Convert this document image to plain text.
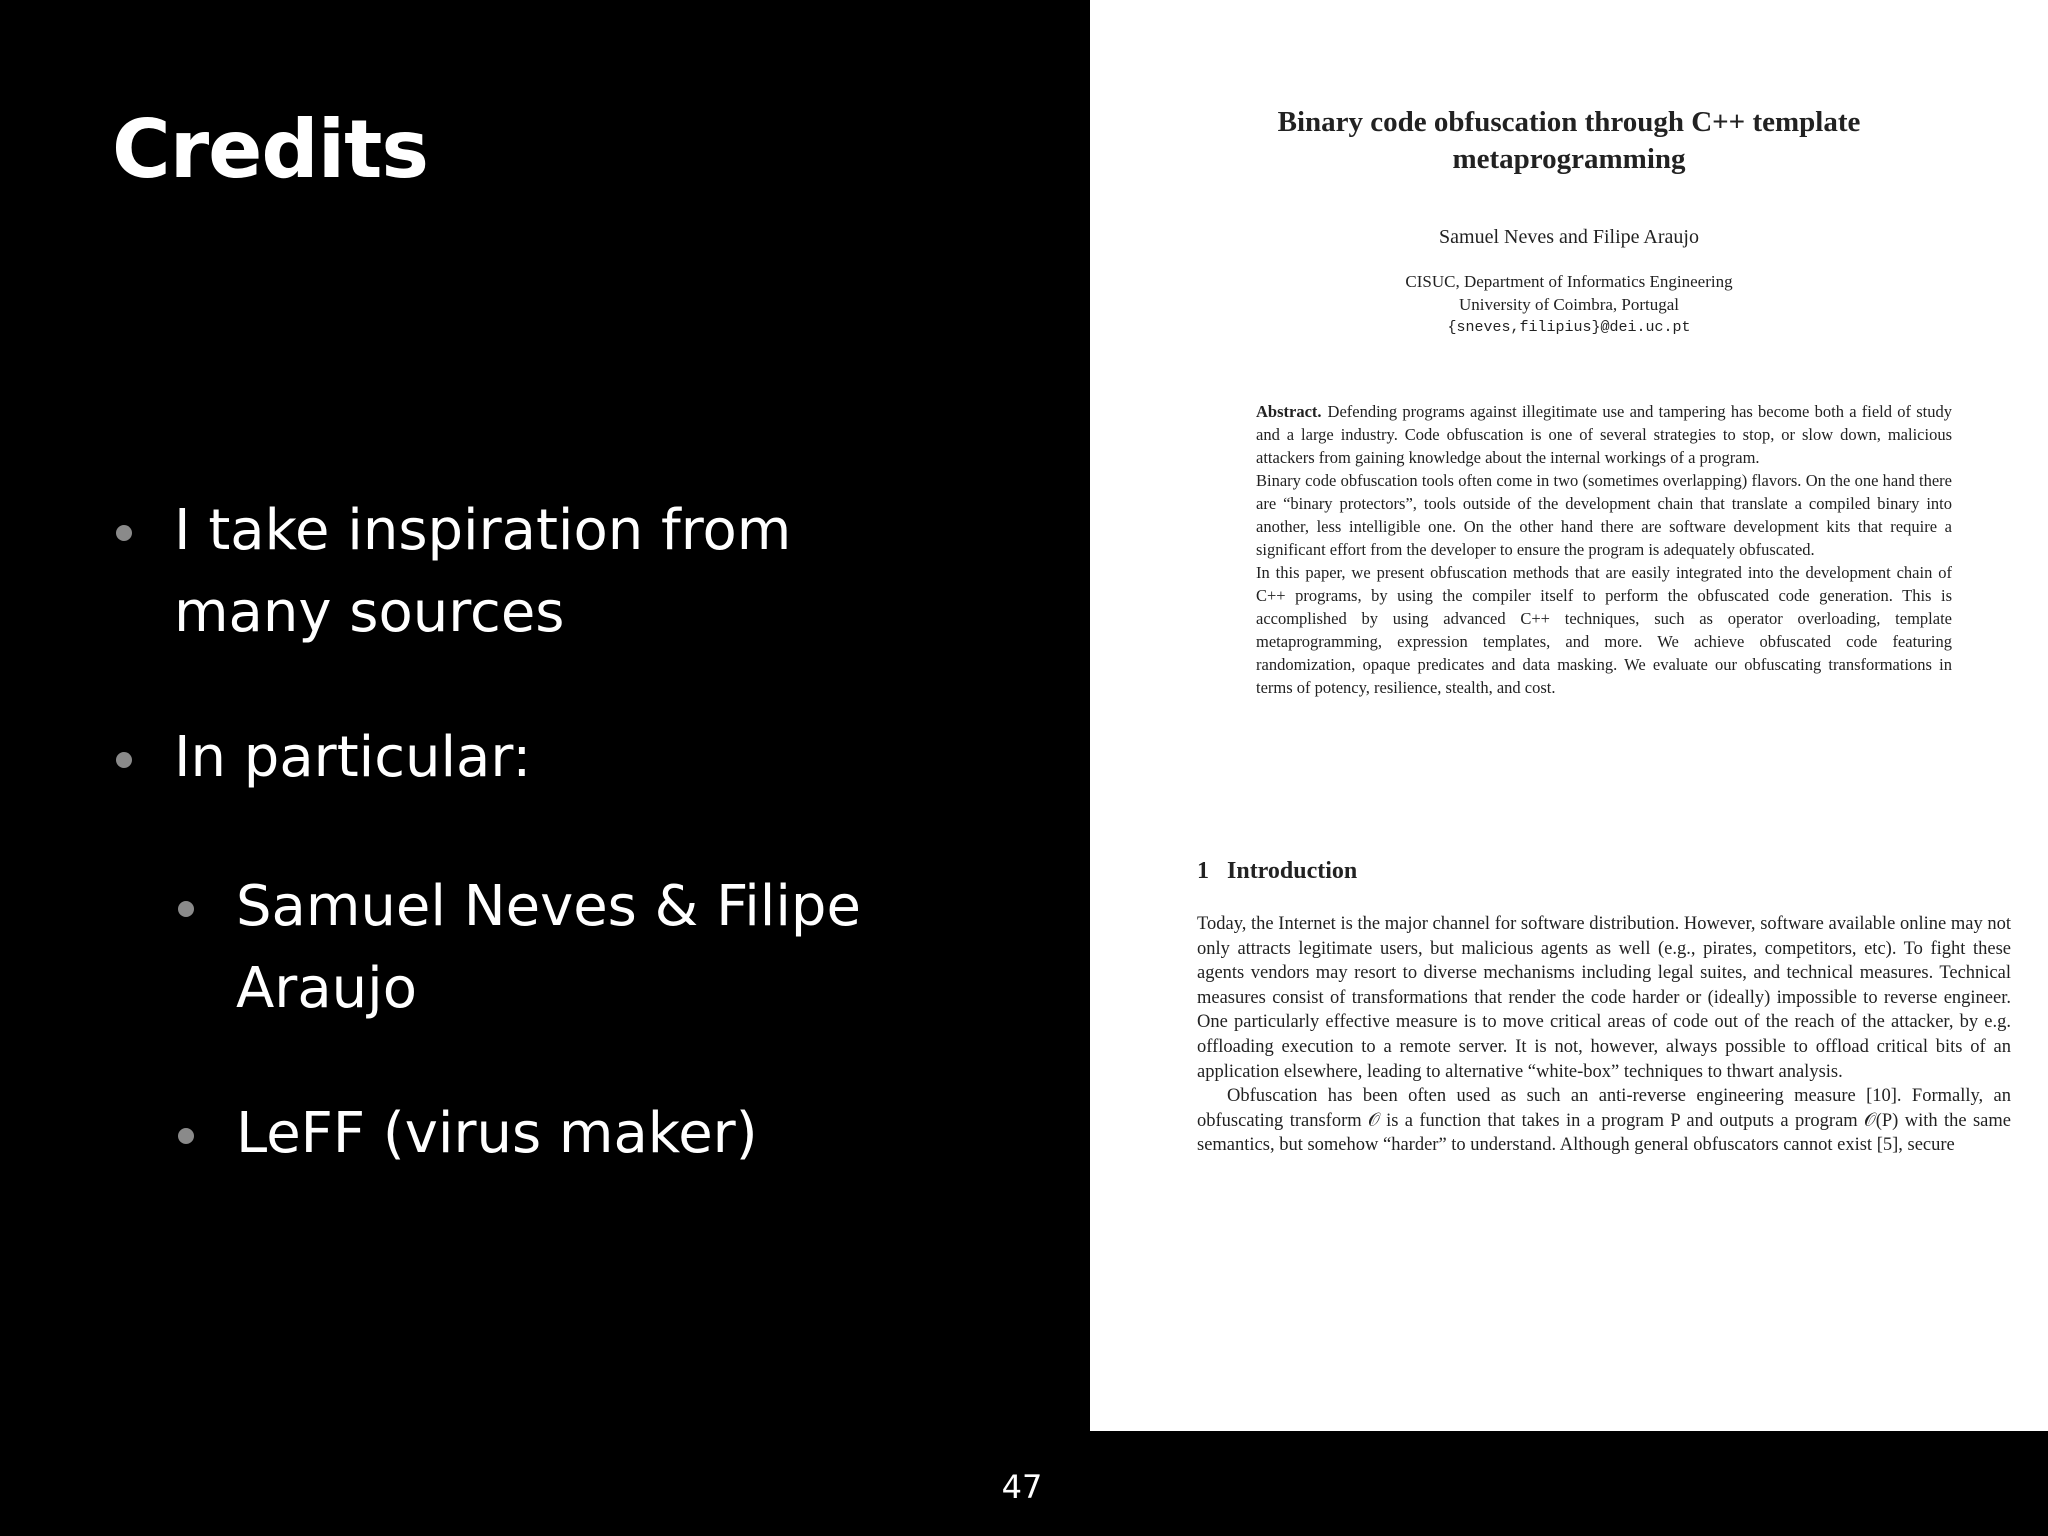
Credits
I take inspiration from many sources
In particular:
Samuel Neves & Filipe Araujo
LeFF (virus maker)
Binary code obfuscation through C++ template
metaprogramming
Samuel Neves and Filipe Araujo
CISUC, Department of Informatics Engineering
University of Coimbra, Portugal
{sneves,filipius}@dei.uc.pt

Abstract. Defending programs against illegitimate use and tampering has become both a field of study and a large industry. Code obfuscation is one of several strategies to stop, or slow down, malicious attackers from gaining knowledge about the internal workings of a program.

Binary code obfuscation tools often come in two (sometimes overlapping) flavors. On the one hand there are “binary protectors”, tools outside of the development chain that translate a compiled binary into another, less intelligible one. On the other hand there are software development kits that require a significant effort from the developer to ensure the program is adequately obfuscated.

In this paper, we present obfuscation methods that are easily integrated into the development chain of C++ programs, by using the compiler itself to perform the obfuscated code generation. This is accomplished by using advanced C++ techniques, such as operator overloading, template metaprogramming, expression templates, and more. We achieve obfuscated code featuring randomization, opaque predicates and data masking. We evaluate our obfuscating transformations in terms of potency, resilience, stealth, and cost.

1 Introduction

Today, the Internet is the major channel for software distribution. However, software available online may not only attracts legitimate users, but malicious agents as well (e.g., pirates, competitors, etc). To fight these agents vendors may resort to diverse mechanisms including legal suites, and technical measures. Technical measures consist of transformations that render the code harder or (ideally) impossible to reverse engineer. One particularly effective measure is to move critical areas of code out of the reach of the attacker, by e.g. offloading execution to a remote server. It is not, however, always possible to offload critical bits of an application elsewhere, leading to alternative “white-box” techniques to thwart analysis.

Obfuscation has been often used as such an anti-reverse engineering measure [10]. Formally, an obfuscating transform 𝒪 is a function that takes in a program P and outputs a program 𝒪(P) with the same semantics, but somehow “harder” to understand. Although general obfuscators cannot exist [5], secure

47
